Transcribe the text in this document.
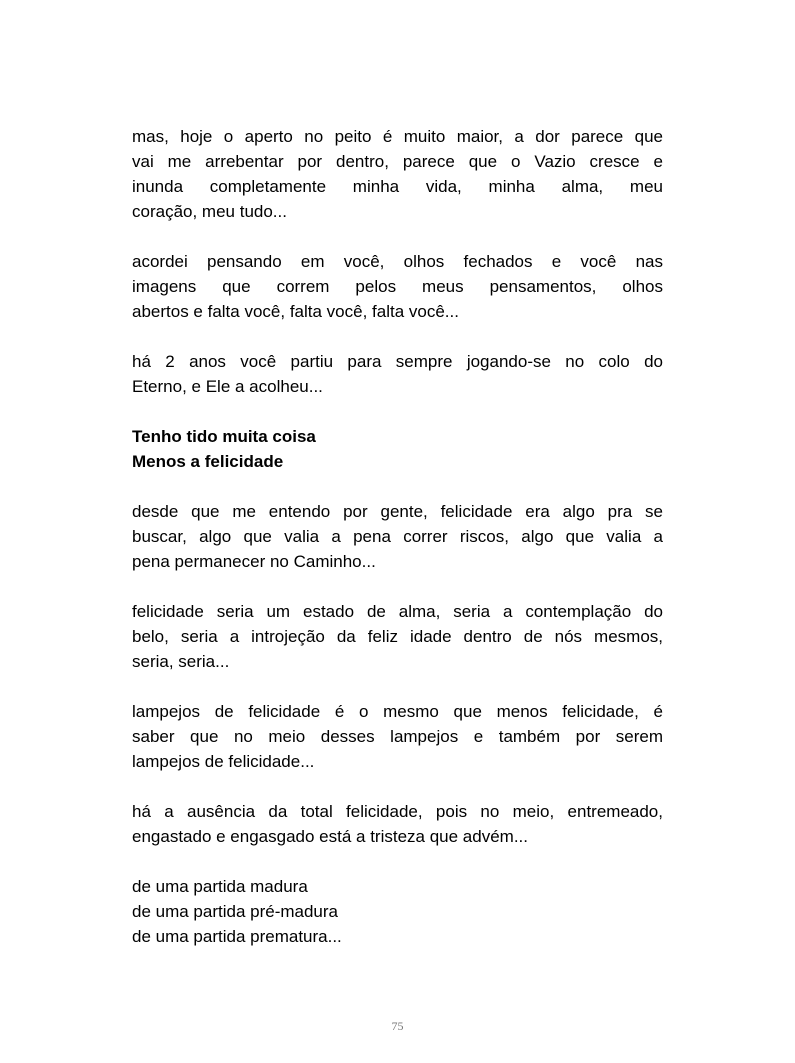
mas, hoje o aperto no peito é muito maior, a dor parece que
vai me arrebentar por dentro, parece que o Vazio cresce e
inunda completamente minha vida, minha alma, meu
coração, meu tudo...

acordei pensando em você, olhos fechados e você nas
imagens que correm pelos meus pensamentos, olhos
abertos e falta você, falta você, falta você...

há 2 anos você partiu para sempre jogando-se no colo do
Eterno, e Ele a acolheu...

Tenho tido muita coisa
Menos a felicidade

desde que me entendo por gente, felicidade era algo pra se
buscar, algo que valia a pena correr riscos, algo que valia a
pena permanecer no Caminho...

felicidade seria um estado de alma, seria a contemplação do
belo, seria a introjeção da feliz idade dentro de nós mesmos,
seria, seria...

lampejos de felicidade é o mesmo que menos felicidade, é
saber que no meio desses lampejos e também por serem
lampejos de felicidade...

há a ausência da total felicidade, pois no meio, entremeado,
engastado e engasgado está a tristeza que advém...

de uma partida madura
de uma partida pré-madura
de uma partida prematura...

75
